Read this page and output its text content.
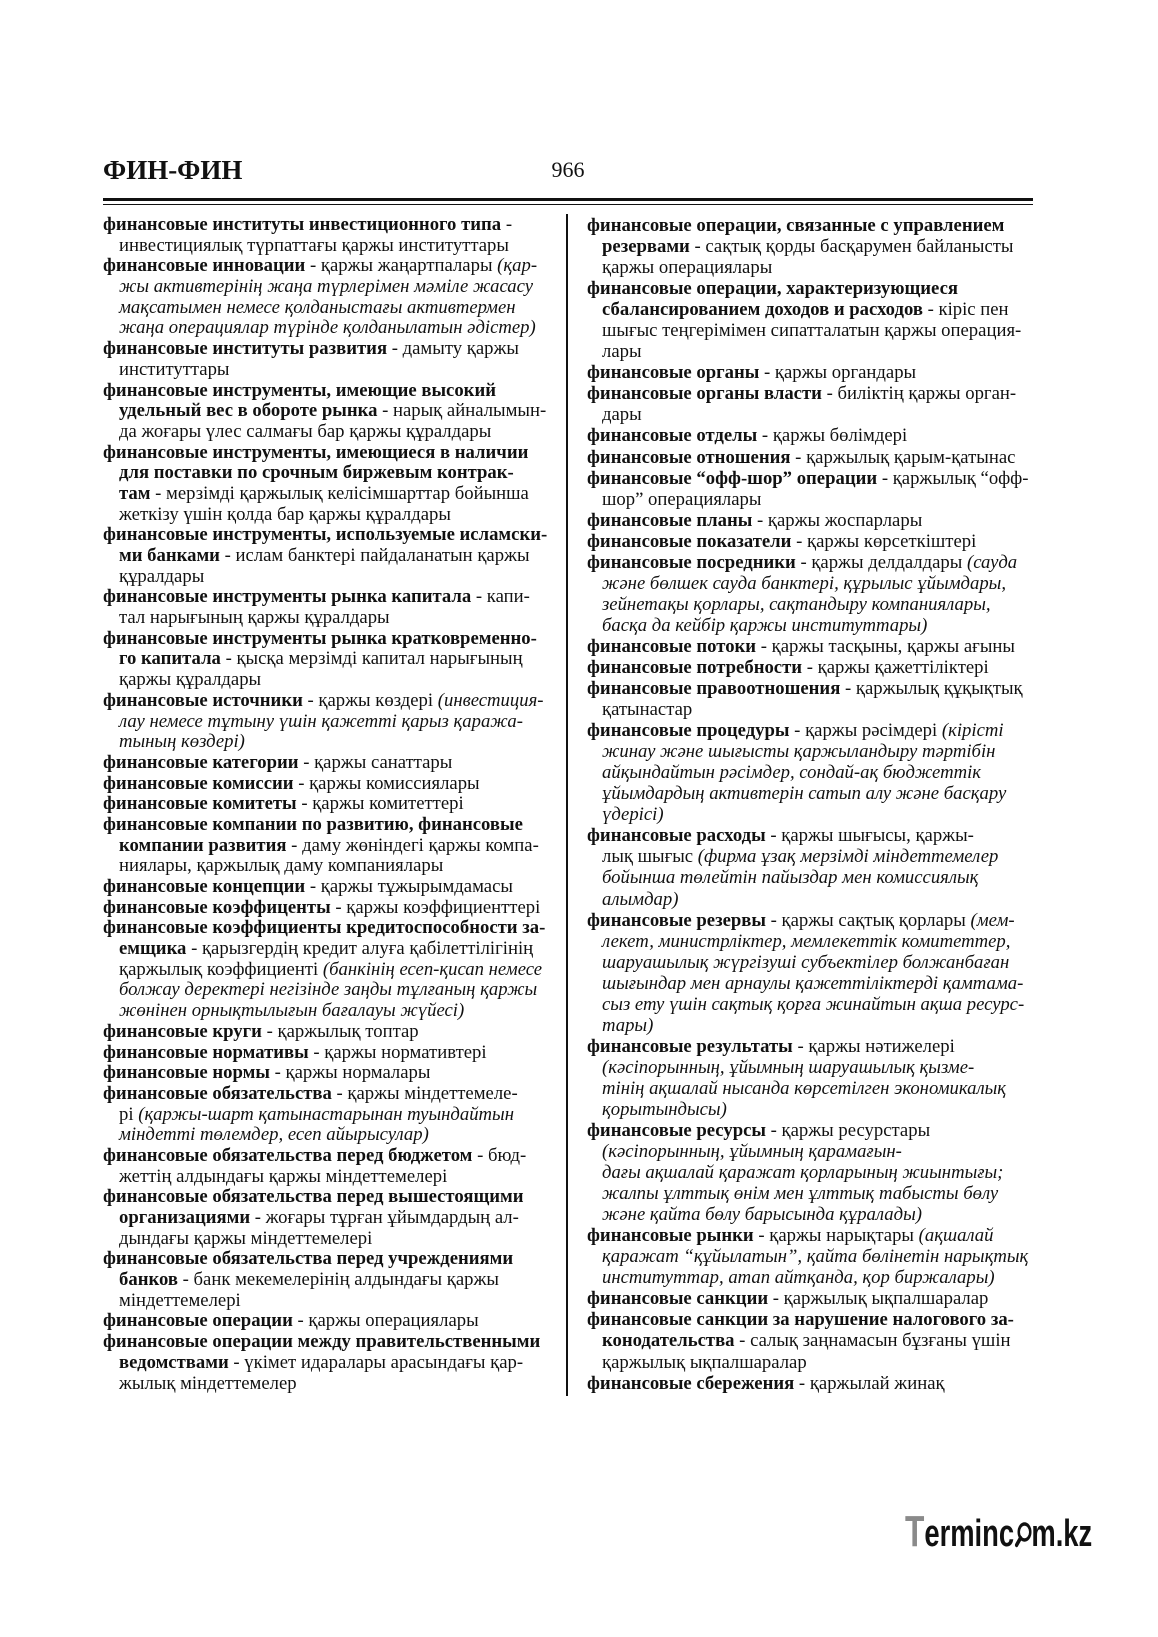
ФИН-ФИН	966
финансовые институты инвестиционного типа -
инвестициялық түрпаттағы қаржы институттары
финансовые инновации - қаржы жаңартпалары (қар-
жы активтерінің жаңа түрлерімен мәміле жасасу
мақсатымен немесе қолданыстағы активтермен
жаңа операциялар түрінде қолданылатын әдістер)
финансовые институты развития - дамыту қаржы
институттары
финансовые инструменты, имеющие высокий
удельный вес в обороте рынка - нарық айналымын-
да жоғары үлес салмағы бар қаржы құралдары
финансовые инструменты, имеющиеся в наличии
для поставки по срочным биржевым контрак-
там - мерзімді қаржылық келісімшарттар бойынша
жеткізу үшін қолда бар қаржы құралдары
финансовые инструменты, используемые исламски-
ми банками - ислам банктері пайдаланатын қаржы
құралдары
финансовые инструменты рынка капитала - капи-
тал нарығының қаржы құралдары
финансовые инструменты рынка кратковременно-
го капитала - қысқа мерзімді капитал нарығының
қаржы құралдары
финансовые источники - қаржы көздері (инвестиция-
лау немесе тұтыну үшін қажетті қарыз қаража-
тының көздері)
финансовые категории - қаржы санаттары
финансовые комиссии - қаржы комиссиялары
финансовые комитеты - қаржы комитеттері
финансовые компании по развитию, финансовые
компании развития - даму жөніндегі қаржы компа-
ниялары, қаржылық даму компаниялары
финансовые концепции - қаржы тұжырымдамасы
финансовые коэффиценты - қаржы коэффициенттері
финансовые коэффициенты кредитоспособности за-
емщика - қарызгердің кредит алуға қабілеттілігінің
қаржылық коэффициенті (банкінің есеп-қисап немесе
болжау деректері негізінде заңды тұлғаның қаржы
жөнінен орнықтылығын бағалауы жүйесі)
финансовые круги - қаржылық топтар
финансовые нормативы - қаржы нормативтері
финансовые нормы - қаржы нормалары
финансовые обязательства - қаржы міндеттемеле-
рі (қаржы-шарт қатынастарынан туындайтын
міндетті төлемдер, есеп айырысулар)
финансовые обязательства перед бюджетом - бюд-
жеттің алдындағы қаржы міндеттемелері
финансовые обязательства перед вышестоящими
организациями - жоғары тұрған ұйымдардың ал-
дындағы қаржы міндеттемелері
финансовые обязательства перед учреждениями
банков - банк мекемелерінің алдындағы қаржы
міндеттемелері
финансовые операции - қаржы операциялары
финансовые операции между правительственными
ведомствами - үкімет идаралары арасындағы қар-
жылық міндеттемелер
финансовые операции, связанные с управлением
резервами - сақтық қорды басқарумен байланысты
қаржы операциялары
финансовые операции, характеризующиеся
сбалансированием доходов и расходов - кіріс пен
шығыс теңгерімімен сипатталатын қаржы операция-
лары
финансовые органы - қаржы органдары
финансовые органы власти - биліктің қаржы орган-
дары
финансовые отделы - қаржы бөлімдері
финансовые отношения - қаржылық қарым-қатынас
финансовые “офф-шор” операции - қаржылық “офф-
шор” операциялары
финансовые планы - қаржы жоспарлары
финансовые показатели - қаржы көрсеткіштері
финансовые посредники - қаржы делдалдары (сауда
және бөлшек сауда банктері, құрылыс ұйымдары,
зейнетақы қорлары, сақтандыру компаниялары,
басқа да кейбір қаржы институттары)
финансовые потоки - қаржы тасқыны, қаржы ағыны
финансовые потребности - қаржы қажеттіліктері
финансовые правоотношения - қаржылық құқықтық
қатынастар
финансовые процедуры - қаржы рәсімдері (кірісті
жинау және шығысты қаржыландыру тәртібін
айқындайтын рәсімдер, сондай-ақ бюджеттік
ұйымдардың активтерін сатып алу және басқару
үдерісі)
финансовые расходы - қаржы шығысы, қаржы-
лық шығыс (фирма ұзақ мерзімді міндеттемелер
бойынша төлейтін пайыздар мен комиссиялық
алымдар)
финансовые резервы - қаржы сақтық қорлары (мем-
лекет, министрліктер, мемлекеттік комитеттер,
шаруашылық жүргізуші субъектілер болжанбаған
шығындар мен арнаулы қажеттіліктерді қамтама-
сыз ету үшін сақтық қорға жинайтын ақша ресурс-
тары)
финансовые результаты - қаржы нәтижелері
(кәсіпорынның, ұйымның шаруашылық қызме-
тінің ақшалай нысанда көрсетілген экономикалық
қорытындысы)
финансовые ресурсы - қаржы ресурстары
(кәсіпорынның, ұйымның қарамағын-
дағы ақшалай қаражат қорларының жиынтығы;
жалпы ұлттық өнім мен ұлттық табысты бөлу
және қайта бөлу барысында құралады)
финансовые рынки - қаржы нарықтары (ақшалай
қаражат “құйылатын”, қайта бөлінетін нарықтық
институттар, атап айтқанда, қор биржалары)
финансовые санкции - қаржылық ықпалшаралар
финансовые санкции за нарушение налогового за-
конодательства - салық заңнамасын бұзғаны үшін
қаржылық ықпалшаралар
финансовые сбережения - қаржылай жинақ
Terminc m.kz
